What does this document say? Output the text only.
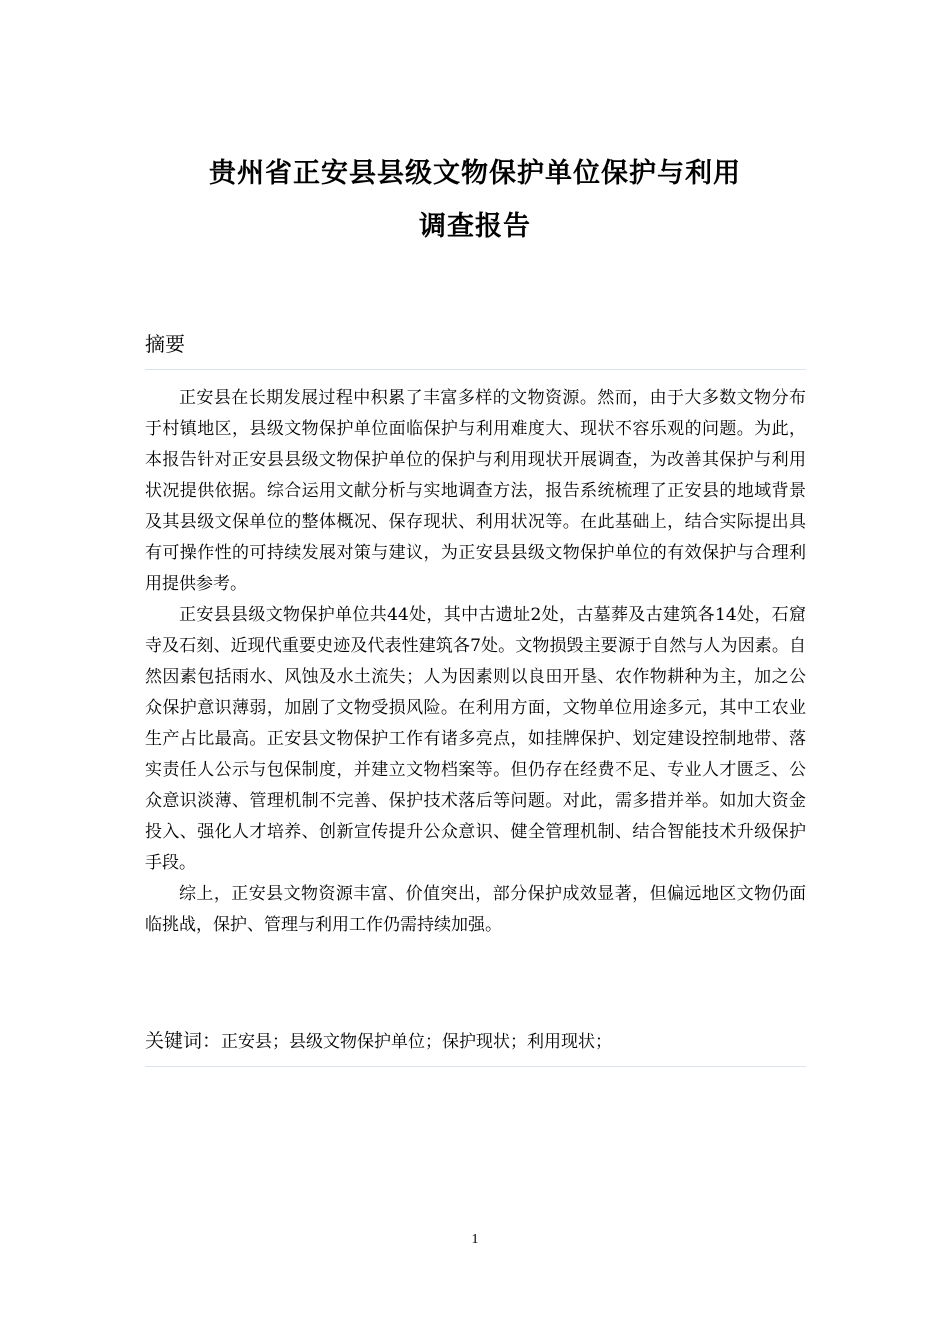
贵州省正安县县级文物保护单位保护与利用
调查报告
摘要

正安县在长期发展过程中积累了丰富多样的文物资源。然而，由于大多数文物分布于村镇地区，县级文物保护单位面临保护与利用难度大、现状不容乐观的问题。为此，本报告针对正安县县级文物保护单位的保护与利用现状开展调查，为改善其保护与利用状况提供依据。综合运用文献分析与实地调查方法，报告系统梳理了正安县的地域背景及其县级文保单位的整体概况、保存现状、利用状况等。在此基础上，结合实际提出具有可操作性的可持续发展对策与建议，为正安县县级文物保护单位的有效保护与合理利用提供参考。

正安县县级文物保护单位共44处，其中古遗址2处，古墓葬及古建筑各14处，石窟寺及石刻、近现代重要史迹及代表性建筑各7处。文物损毁主要源于自然与人为因素。自然因素包括雨水、风蚀及水土流失；人为因素则以良田开垦、农作物耕种为主，加之公众保护意识薄弱，加剧了文物受损风险。在利用方面，文物单位用途多元，其中工农业生产占比最高。正安县文物保护工作有诸多亮点，如挂牌保护、划定建设控制地带、落实责任人公示与包保制度，并建立文物档案等。但仍存在经费不足、专业人才匮乏、公众意识淡薄、管理机制不完善、保护技术落后等问题。对此，需多措并举。如加大资金投入、强化人才培养、创新宣传提升公众意识、健全管理机制、结合智能技术升级保护手段。

综上，正安县文物资源丰富、价值突出，部分保护成效显著，但偏远地区文物仍面临挑战，保护、管理与利用工作仍需持续加强。

关键词：正安县；县级文物保护单位；保护现状；利用现状；
1
